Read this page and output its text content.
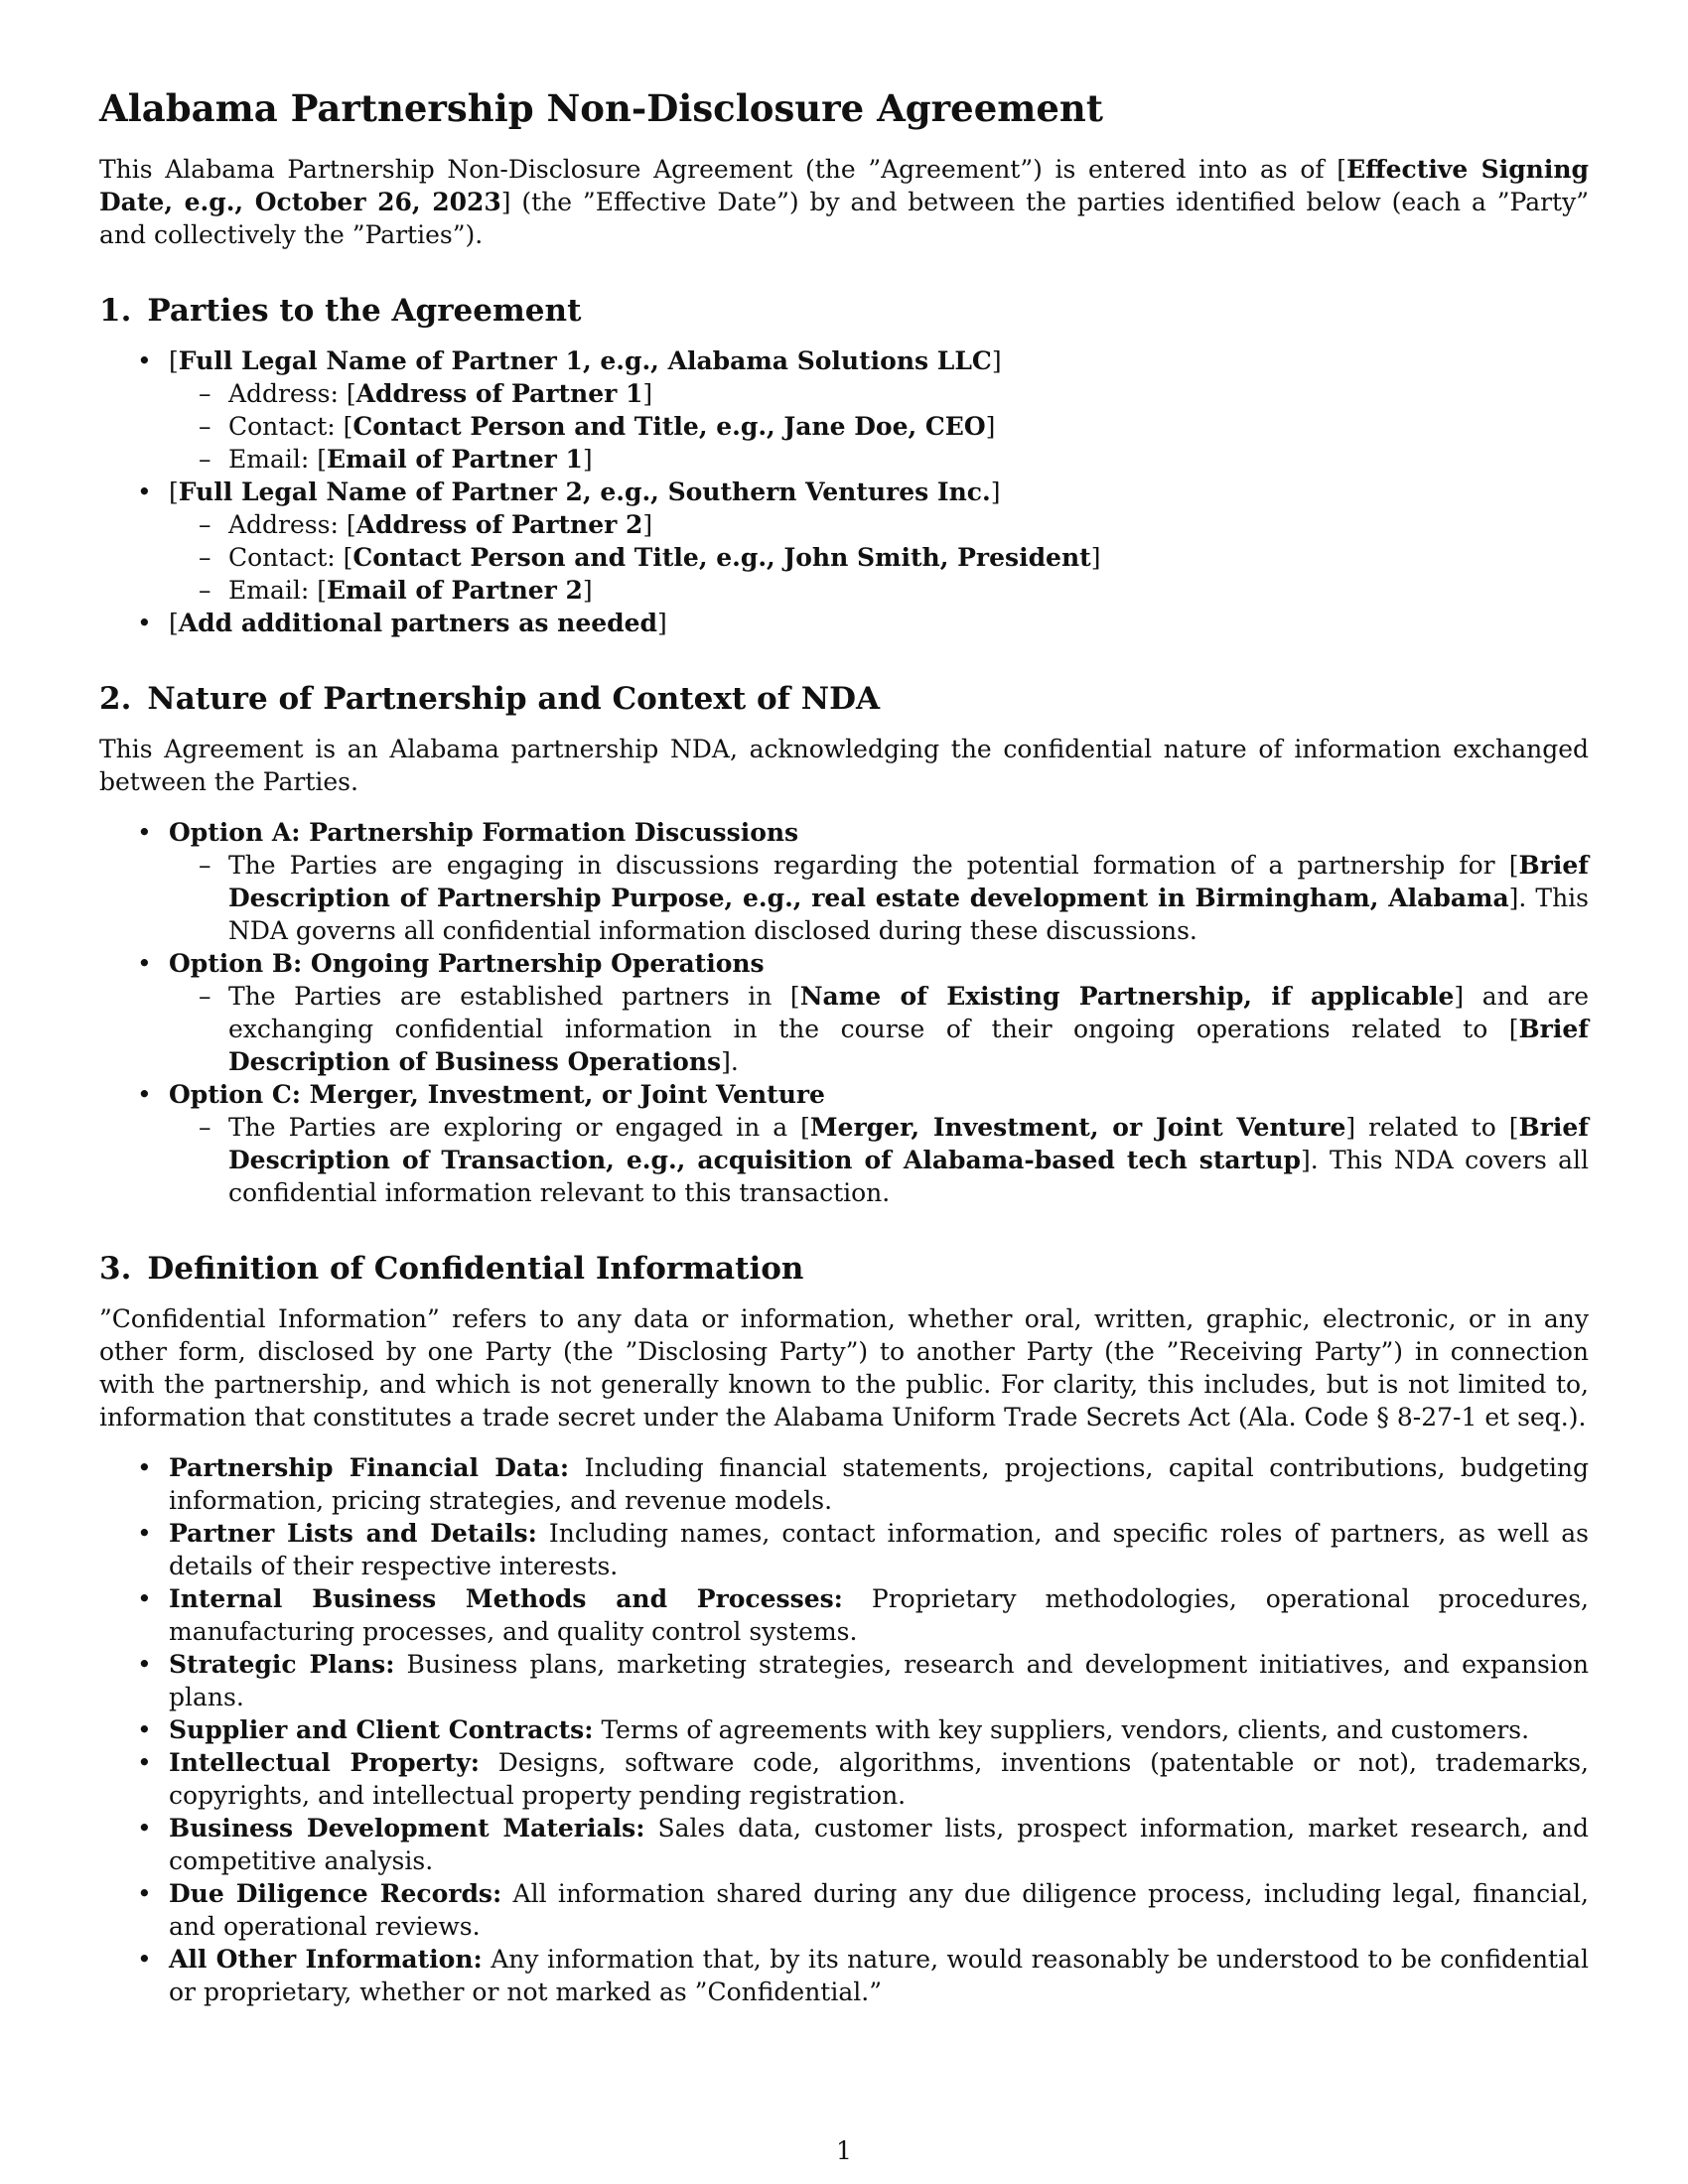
Alabama Partnership Non-Disclosure Agreement

This Alabama Partnership Non-Disclosure Agreement (the ”Agreement”) is entered into as of [Effective Signing Date, e.g., October 26, 2023] (the ”Effective Date”) by and between the parties identified below (each a ”Party” and collectively the ”Parties”).

1. Parties to the Agreement
• [Full Legal Name of Partner 1, e.g., Alabama Solutions LLC]
– Address: [Address of Partner 1]
– Contact: [Contact Person and Title, e.g., Jane Doe, CEO]
– Email: [Email of Partner 1]
• [Full Legal Name of Partner 2, e.g., Southern Ventures Inc.]
– Address: [Address of Partner 2]
– Contact: [Contact Person and Title, e.g., John Smith, President]
– Email: [Email of Partner 2]
• [Add additional partners as needed]
2. Nature of Partnership and Context of NDA

This Agreement is an Alabama partnership NDA, acknowledging the confidential nature of information exchanged between the Parties.

• Option A: Partnership Formation Discussions
– The Parties are engaging in discussions regarding the potential formation of a partnership for [Brief Description of Partnership Purpose, e.g., real estate development in Birmingham, Alabama]. This NDA governs all confidential information disclosed during these discussions.
• Option B: Ongoing Partnership Operations
– The Parties are established partners in [Name of Existing Partnership, if applicable] and are exchanging confidential information in the course of their ongoing operations related to [Brief Description of Business Operations].
• Option C: Merger, Investment, or Joint Venture
– The Parties are exploring or engaged in a [Merger, Investment, or Joint Venture] related to [Brief Description of Transaction, e.g., acquisition of Alabama-based tech startup]. This NDA covers all confidential information relevant to this transaction.
3. Definition of Confidential Information

”Confidential Information” refers to any data or information, whether oral, written, graphic, electronic, or in any other form, disclosed by one Party (the ”Disclosing Party”) to another Party (the ”Receiving Party”) in connection with the partnership, and which is not generally known to the public. For clarity, this includes, but is not limited to, information that constitutes a trade secret under the Alabama Uniform Trade Secrets Act (Ala. Code § 8-27-1 et seq.).

• Partnership Financial Data: Including financial statements, projections, capital contributions, budgeting information, pricing strategies, and revenue models.
• Partner Lists and Details: Including names, contact information, and specific roles of partners, as well as details of their respective interests.
• Internal Business Methods and Processes: Proprietary methodologies, operational procedures, manufacturing processes, and quality control systems.
• Strategic Plans: Business plans, marketing strategies, research and development initiatives, and expansion plans.
• Supplier and Client Contracts: Terms of agreements with key suppliers, vendors, clients, and customers.
• Intellectual Property: Designs, software code, algorithms, inventions (patentable or not), trademarks, copyrights, and intellectual property pending registration.
• Business Development Materials: Sales data, customer lists, prospect information, market research, and competitive analysis.
• Due Diligence Records: All information shared during any due diligence process, including legal, financial, and operational reviews.
• All Other Information: Any information that, by its nature, would reasonably be understood to be confidential or proprietary, whether or not marked as ”Confidential.”
1
